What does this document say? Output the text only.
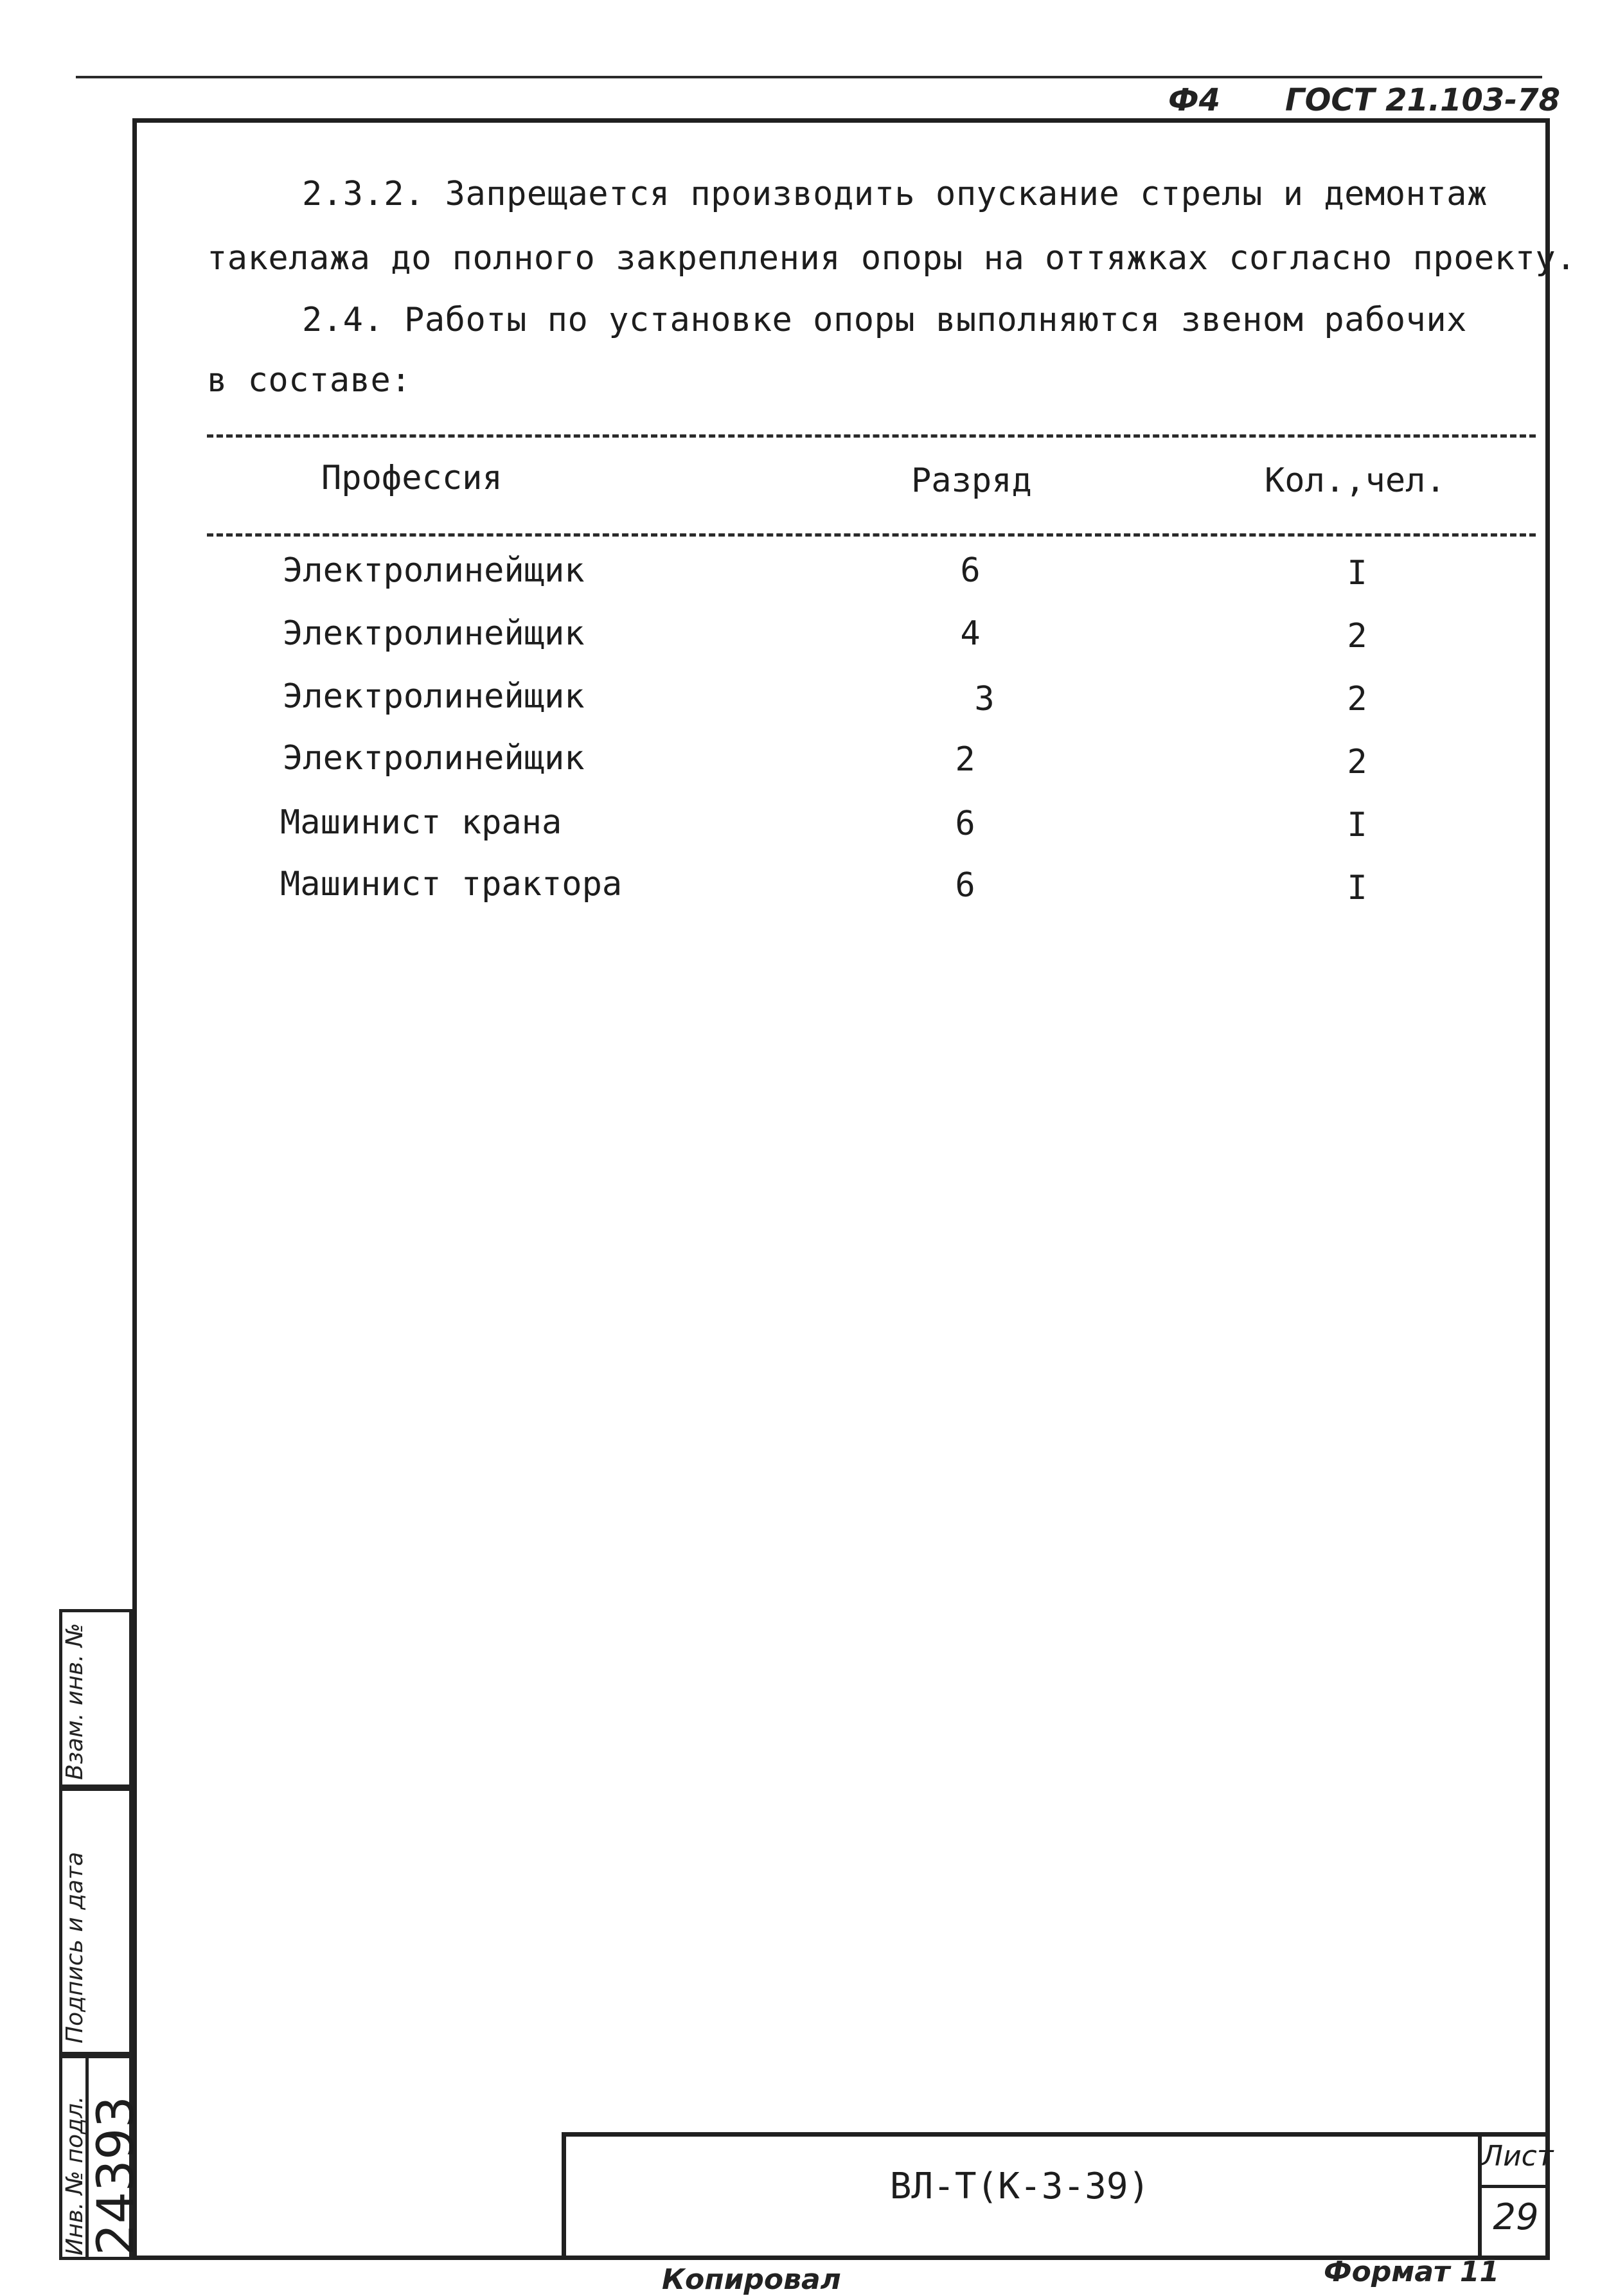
Ф4 ГОСТ 21.103-78
2.3.2. Запрещается производить опускание стрелы и демонтаж
такелажа до полного закрепления опоры на оттяжках согласно проекту.
2.4. Работы по установке опоры выполняются звеном рабочих
в составе:
Профессия	Разряд	Кол.,чел.
Электролинейщик	6	I
Электролинейщик	4	2
Электролинейщик	3	2
Электролинейщик	2	2
Машинист крана	6	I
Машинист трактора	6	I
Взам. инв. №
Подпись и дата
Инв. № подл. 24393	ВЛ-Т(К-3-39)
Лист
29
Копировал	Формат 11
